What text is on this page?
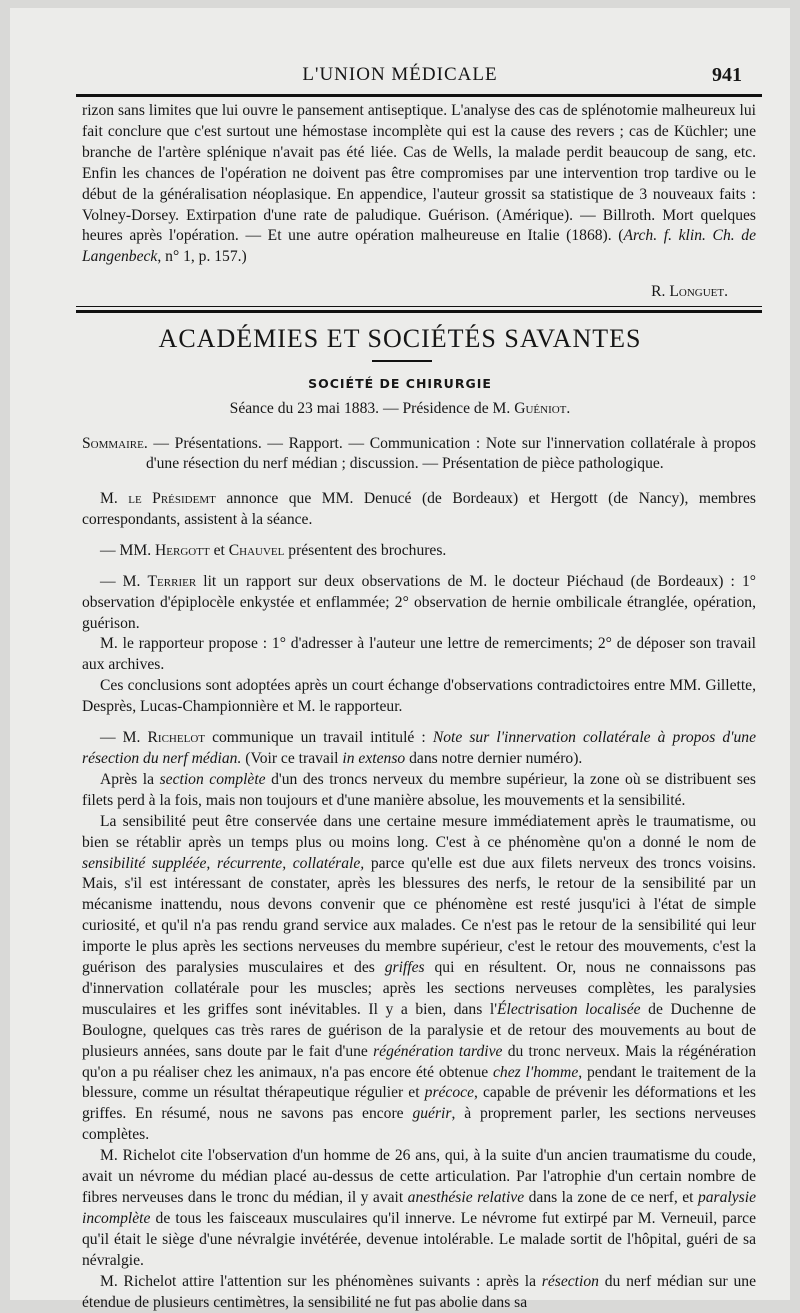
L'UNION MÉDICALE	941

rizon sans limites que lui ouvre le pansement antiseptique. L'analyse des cas de splénotomie malheureux lui fait conclure que c'est surtout une hémostase incomplète qui est la cause des revers ; cas de Küchler; une branche de l'artère splénique n'avait pas été liée. Cas de Wells, la malade perdit beaucoup de sang, etc. Enfin les chances de l'opération ne doivent pas être compromises par une intervention trop tardive ou le début de la généralisation néoplasique. En appendice, l'auteur grossit sa statistique de 3 nouveaux faits : Volney-Dorsey. Extirpation d'une rate de paludique. Guérison. (Amérique). — Billroth. Mort quelques heures après l'opération. — Et une autre opération malheureuse en Italie (1868). (Arch. f. klin. Ch. de Langenbeck, n° 1, p. 157.)

R. Longuet.
ACADÉMIES ET SOCIÉTÉS SAVANTES
SOCIÉTÉ DE CHIRURGIE
Séance du 23 mai 1883. — Présidence de M. Guéniot.
Sommaire. — Présentations. — Rapport. — Communication : Note sur l'innervation collatérale à propos d'une résection du nerf médian ; discussion. — Présentation de pièce pathologique.

M. le Présidemt annonce que MM. Denucé (de Bordeaux) et Hergott (de Nancy), membres correspondants, assistent à la séance.

— MM. Hergott et Chauvel présentent des brochures.

— M. Terrier lit un rapport sur deux observations de M. le docteur Piéchaud (de Bordeaux) : 1° observation d'épiplocèle enkystée et enflammée; 2° observation de hernie ombilicale étranglée, opération, guérison.

M. le rapporteur propose : 1° d'adresser à l'auteur une lettre de remerciments; 2° de déposer son travail aux archives.

Ces conclusions sont adoptées après un court échange d'observations contradictoires entre MM. Gillette, Desprès, Lucas-Championnière et M. le rapporteur.

— M. Richelot communique un travail intitulé : Note sur l'innervation collatérale à propos d'une résection du nerf médian. (Voir ce travail in extenso dans notre dernier numéro).

Après la section complète d'un des troncs nerveux du membre supérieur, la zone où se distribuent ses filets perd à la fois, mais non toujours et d'une manière absolue, les mouvements et la sensibilité.

La sensibilité peut être conservée dans une certaine mesure immédiatement après le traumatisme, ou bien se rétablir après un temps plus ou moins long. C'est à ce phénomène qu'on a donné le nom de sensibilité suppléée, récurrente, collatérale, parce qu'elle est due aux filets nerveux des troncs voisins. Mais, s'il est intéressant de constater, après les blessures des nerfs, le retour de la sensibilité par un mécanisme inattendu, nous devons convenir que ce phénomène est resté jusqu'ici à l'état de simple curiosité, et qu'il n'a pas rendu grand service aux malades. Ce n'est pas le retour de la sensibilité qui leur importe le plus après les sections nerveuses du membre supérieur, c'est le retour des mouvements, c'est la guérison des paralysies musculaires et des griffes qui en résultent. Or, nous ne connaissons pas d'innervation collatérale pour les muscles; après les sections nerveuses complètes, les paralysies musculaires et les griffes sont inévitables. Il y a bien, dans l'Électrisation localisée de Duchenne de Boulogne, quelques cas très rares de guérison de la paralysie et de retour des mouvements au bout de plusieurs années, sans doute par le fait d'une régénération tardive du tronc nerveux. Mais la régénération qu'on a pu réaliser chez les animaux, n'a pas encore été obtenue chez l'homme, pendant le traitement de la blessure, comme un résultat thérapeutique régulier et précoce, capable de prévenir les déformations et les griffes. En résumé, nous ne savons pas encore guérir, à proprement parler, les sections nerveuses complètes.

M. Richelot cite l'observation d'un homme de 26 ans, qui, à la suite d'un ancien traumatisme du coude, avait un névrome du médian placé au-dessus de cette articulation. Par l'atrophie d'un certain nombre de fibres nerveuses dans le tronc du médian, il y avait anesthésie relative dans la zone de ce nerf, et paralysie incomplète de tous les faisceaux musculaires qu'il innerve. Le névrome fut extirpé par M. Verneuil, parce qu'il était le siège d'une névralgie invétérée, devenue intolérable. Le malade sortit de l'hôpital, guéri de sa névralgie.

M. Richelot attire l'attention sur les phénomènes suivants : après la résection du nerf médian sur une étendue de plusieurs centimètres, la sensibilité ne fut pas abolie dans sa
